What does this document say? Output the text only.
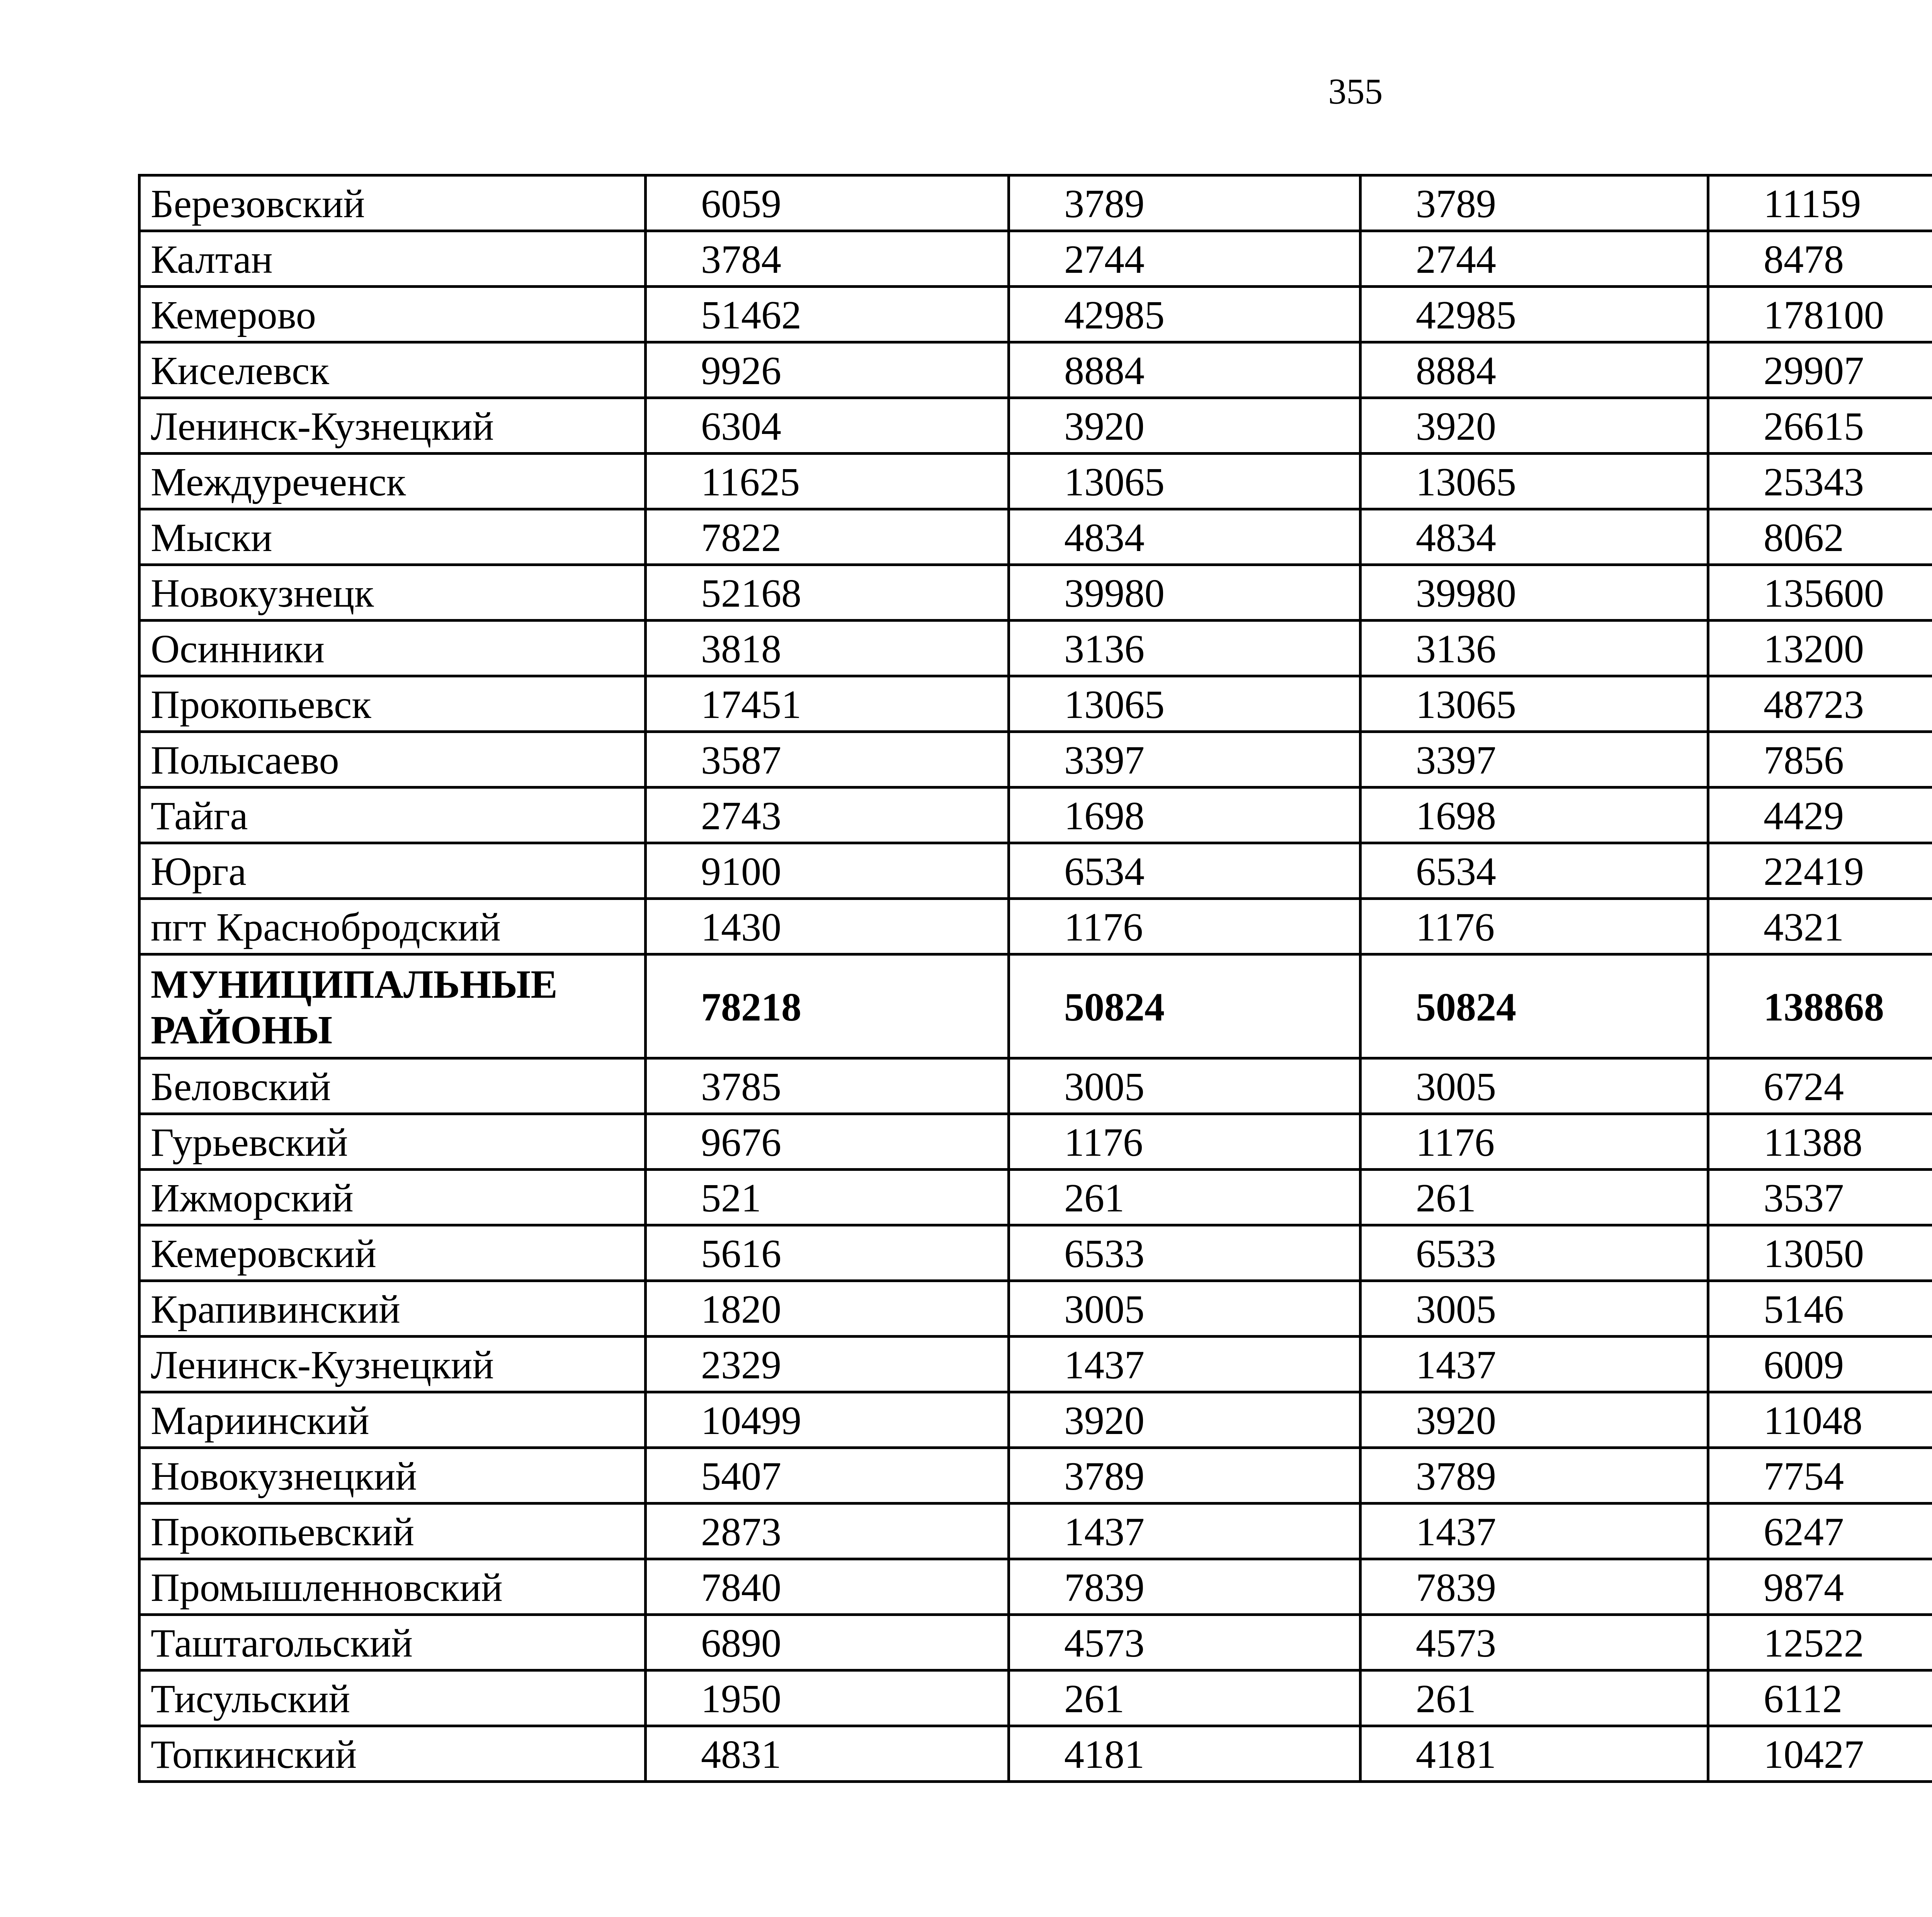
355
Березовский	6059	3789	3789	11159		
Калтан	3784	2744	2744	8478		
Кемерово	51462	42985	42985	178100		
Киселевск	9926	8884	8884	29907		
Ленинск-Кузнецкий	6304	3920	3920	26615		
Междуреченск	11625	13065	13065	25343		
Мыски	7822	4834	4834	8062		
Новокузнецк	52168	39980	39980	135600		
Осинники	3818	3136	3136	13200		
Прокопьевск	17451	13065	13065	48723		
Полысаево	3587	3397	3397	7856		
Тайга	2743	1698	1698	4429		
Юрга	9100	6534	6534	22419		
пгт Краснобродский	1430	1176	1176	4321		
МУНИЦИПАЛЬНЫЕ РАЙОНЫ	78218	50824	50824	138868		
Беловский	3785	3005	3005	6724		
Гурьевский	9676	1176	1176	11388		
Ижморский	521	261	261	3537		
Кемеровский	5616	6533	6533	13050		
Крапивинский	1820	3005	3005	5146		
Ленинск-Кузнецкий	2329	1437	1437	6009		
Мариинский	10499	3920	3920	11048		
Новокузнецкий	5407	3789	3789	7754		
Прокопьевский	2873	1437	1437	6247		
Промышленновский	7840	7839	7839	9874		
Таштагольский	6890	4573	4573	12522		
Тисульский	1950	261	261	6112		
Топкинский	4831	4181	4181	10427		
